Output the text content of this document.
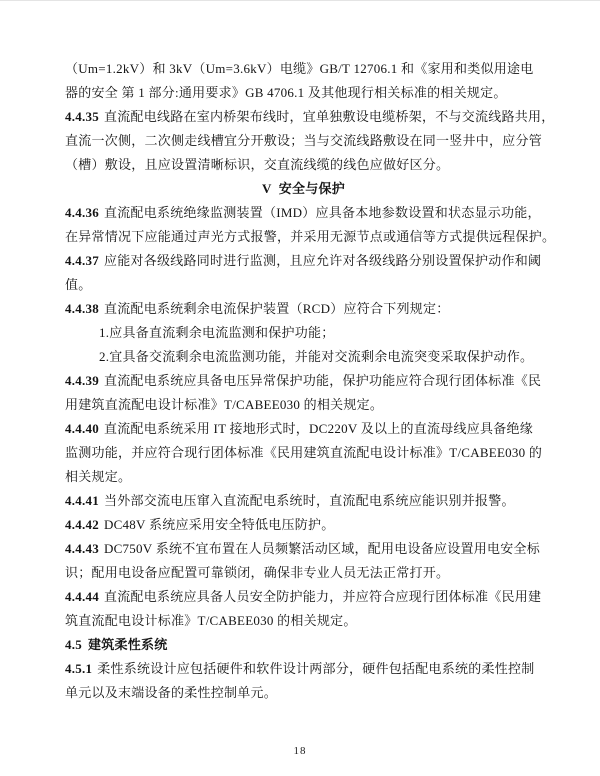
（Um=1.2kV）和 3kV（Um=3.6kV）电缆》GB/T 12706.1 和《家用和类似用途电
器的安全 第 1 部分:通用要求》GB 4706.1 及其他现行相关标准的相关规定。
4.4.35 直流配电线路在室内桥架布线时，宜单独敷设电缆桥架，不与交流线路共用，
直流一次侧，二次侧走线槽宜分开敷设；当与交流线路敷设在同一竖井中，应分管
（槽）敷设，且应设置清晰标识，交直流线缆的线色应做好区分。
V 安全与保护
4.4.36 直流配电系统绝缘监测装置（IMD）应具备本地参数设置和状态显示功能，
在异常情况下应能通过声光方式报警，并采用无源节点或通信等方式提供远程保护。
4.4.37 应能对各级线路同时进行监测，且应允许对各级线路分别设置保护动作和阈
值。
4.4.38 直流配电系统剩余电流保护装置（RCD）应符合下列规定：
1.应具备直流剩余电流监测和保护功能；
2.宜具备交流剩余电流监测功能，并能对交流剩余电流突变采取保护动作。
4.4.39 直流配电系统应具备电压异常保护功能，保护功能应符合现行团体标准《民
用建筑直流配电设计标准》T/CABEE030 的相关规定。
4.4.40 直流配电系统采用 IT 接地形式时，DC220V 及以上的直流母线应具备绝缘
监测功能，并应符合现行团体标准《民用建筑直流配电设计标准》T/CABEE030 的
相关规定。
4.4.41 当外部交流电压窜入直流配电系统时，直流配电系统应能识别并报警。
4.4.42 DC48V 系统应采用安全特低电压防护。
4.4.43 DC750V 系统不宜布置在人员频繁活动区域，配用电设备应设置用电安全标
识；配用电设备应配置可靠锁闭，确保非专业人员无法正常打开。
4.4.44 直流配电系统应具备人员安全防护能力，并应符合应现行团体标准《民用建
筑直流配电设计标准》T/CABEE030 的相关规定。
4.5 建筑柔性系统
4.5.1 柔性系统设计应包括硬件和软件设计两部分，硬件包括配电系统的柔性控制
单元以及末端设备的柔性控制单元。
18
